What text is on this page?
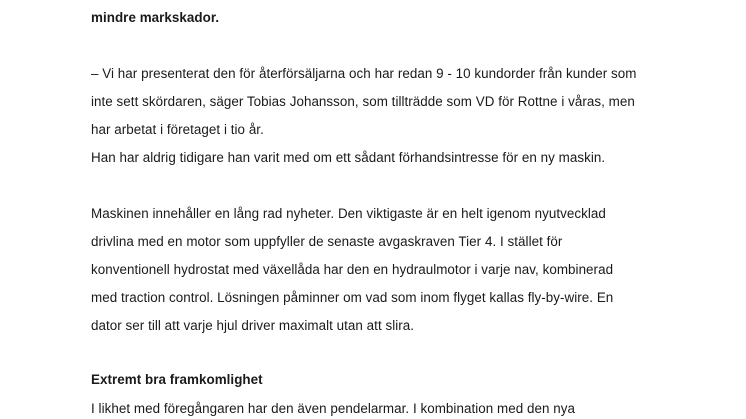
mindre markskador.
– Vi har presenterat den för återförsäljarna och har redan 9 - 10 kundorder från kunder som
inte sett skördaren, säger Tobias Johansson, som tillträdde som VD för Rottne i våras, men
har arbetat i företaget i tio år.
Han har aldrig tidigare han varit med om ett sådant förhandsintresse för en ny maskin.
Maskinen innehåller en lång rad nyheter. Den viktigaste är en helt igenom nyutvecklad
drivlina med en motor som uppfyller de senaste avgaskraven Tier 4. I stället för
konventionell hydrostat med växellåda har den en hydraulmotor i varje nav, kombinerad
med traction control. Lösningen påminner om vad som inom flyget kallas fly-by-wire. En
dator ser till att varje hjul driver maximalt utan att slira.
Extremt bra framkomlighet
I likhet med föregångaren har den även pendelarmar. I kombination med den nya
